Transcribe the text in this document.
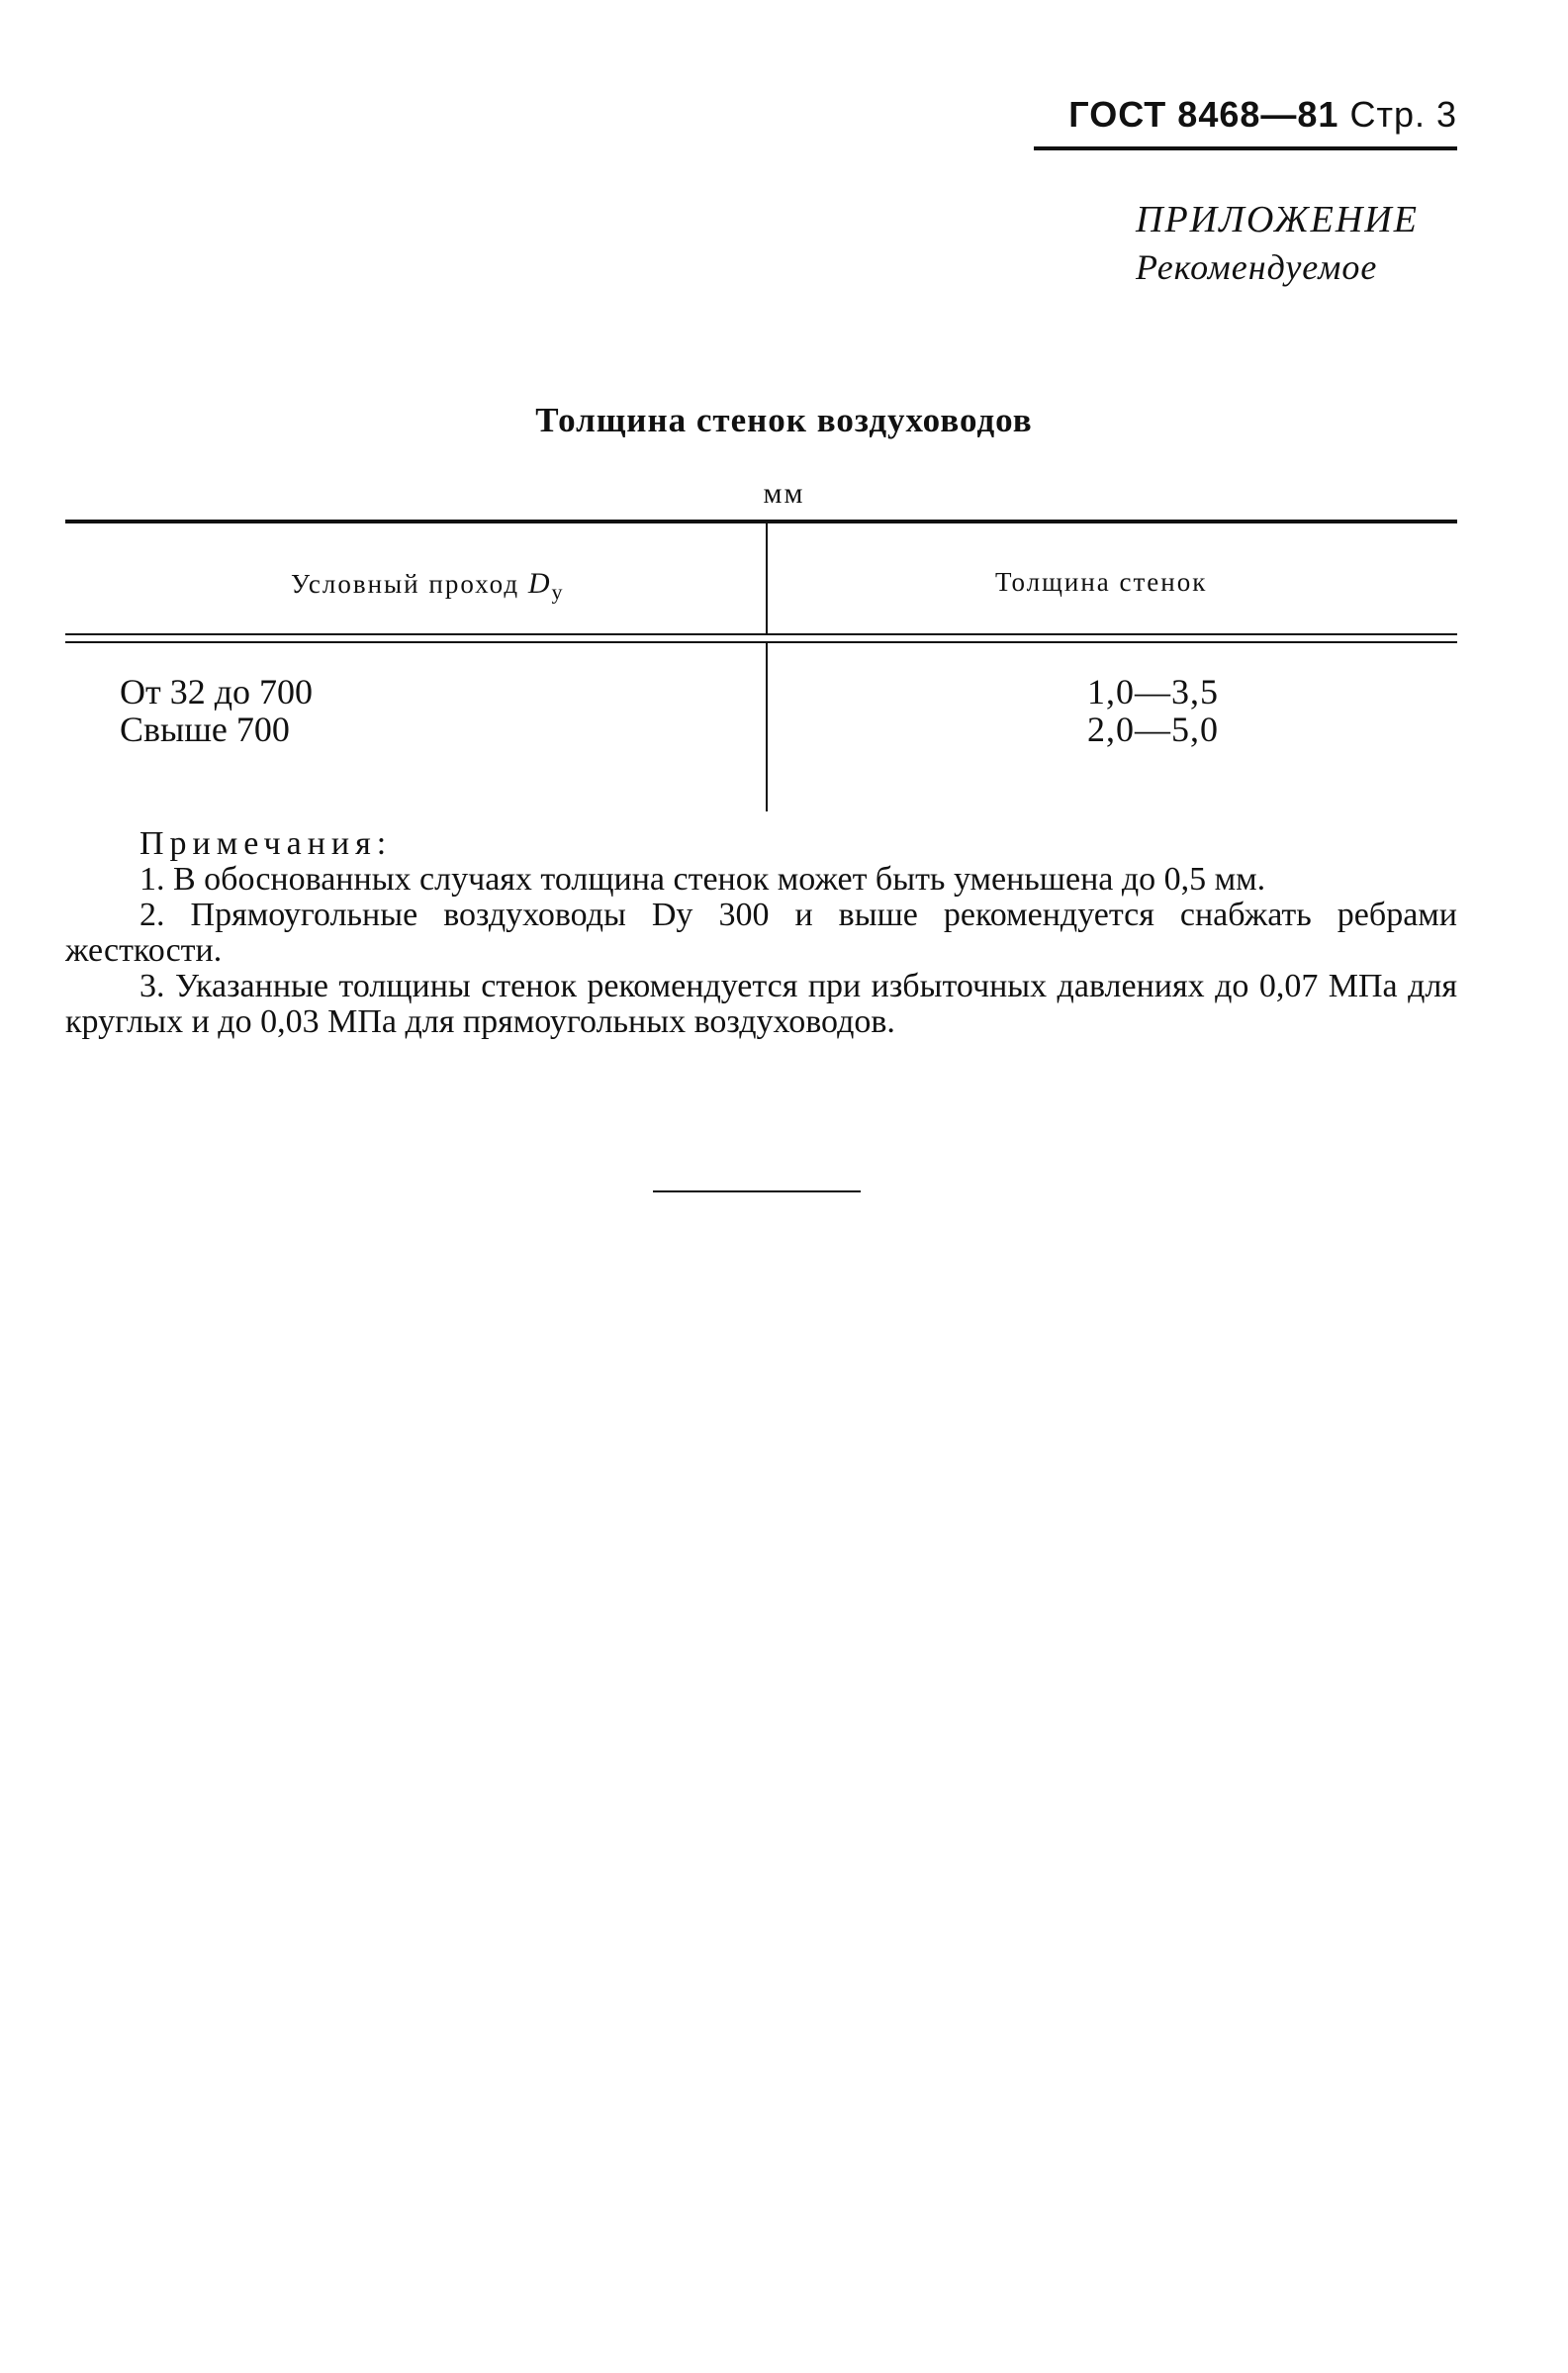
ГОСТ 8468—81 Стр. 3
ПРИЛОЖЕНИЕ
Рекомендуемое
Толщина стенок воздуховодов
мм
Условный проход $D_у$	Толщина стенок
От 32 до 700
Свыше 700
1,0—3,5
2,0—5,0
Примечания:
1. В обоснованных случаях толщина стенок может быть уменьшена до 0,5 мм.
2. Прямоугольные воздуховоды Dу 300 и выше рекомендуется снабжать ребрами жесткости.
3. Указанные толщины стенок рекомендуется при избыточных давлениях до 0,07 МПа для круглых и до 0,03 МПа для прямоугольных воздуховодов.
